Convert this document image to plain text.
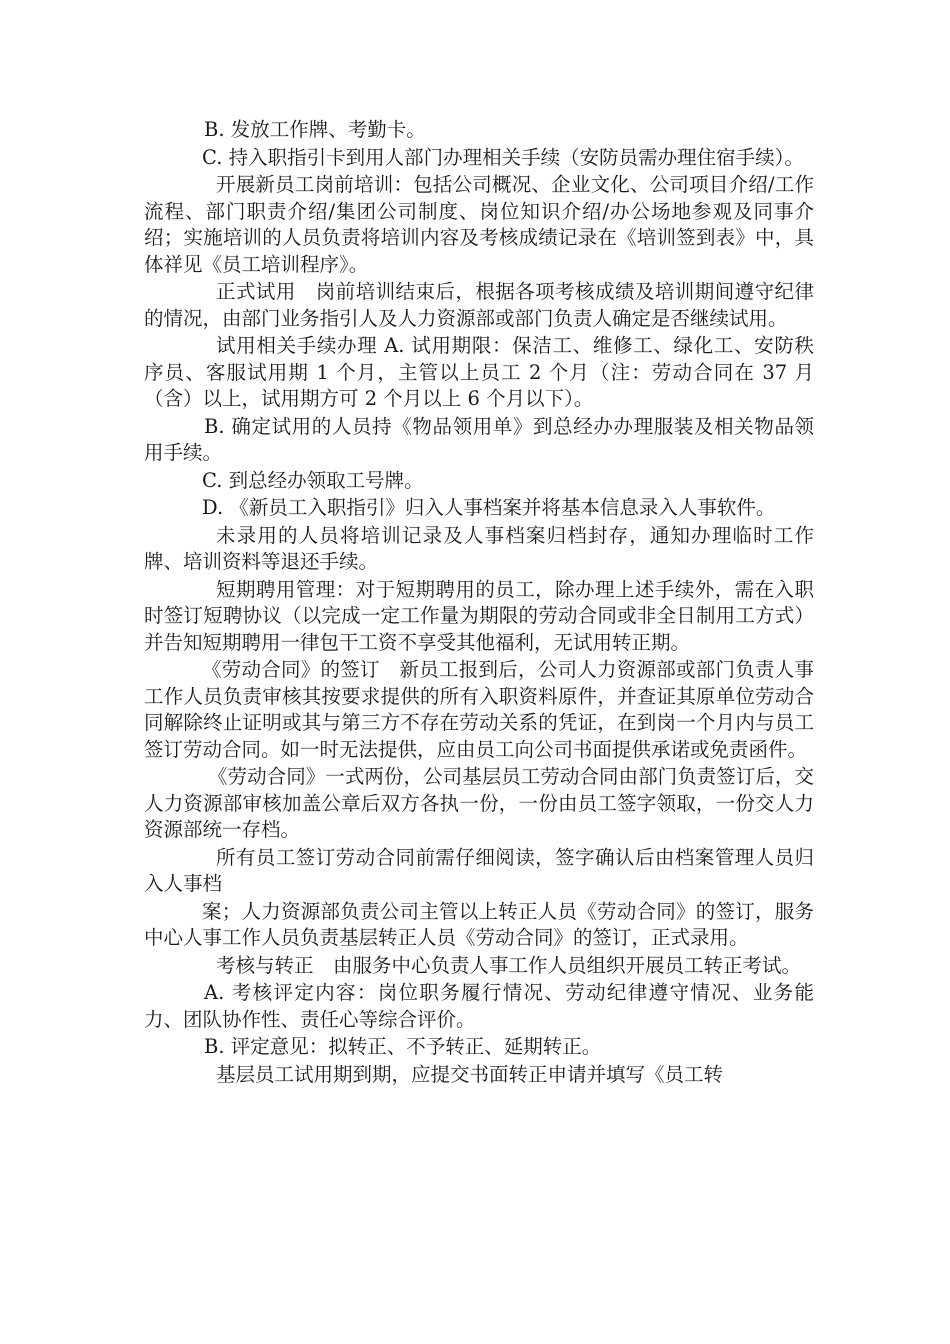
B. 发放工作牌、考勤卡。

C. 持入职指引卡到用人部门办理相关手续（安防员需办理住宿手续）。

开展新员工岗前培训：包括公司概况、企业文化、公司项目介绍/工作流程、部门职责介绍/集团公司制度、岗位知识介绍/办公场地参观及同事介绍；实施培训的人员负责将培训内容及考核成绩记录在《培训签到表》中，具体祥见《员工培训程序》。

正式试用　岗前培训结束后，根据各项考核成绩及培训期间遵守纪律的情况，由部门业务指引人及人力资源部或部门负责人确定是否继续试用。

试用相关手续办理 A. 试用期限：保洁工、维修工、绿化工、安防秩序员、客服试用期 1 个月，主管以上员工 2 个月（注：劳动合同在 37 月（含）以上，试用期方可 2 个月以上 6 个月以下）。

B. 确定试用的人员持《物品领用单》到总经办办理服装及相关物品领用手续。

C. 到总经办领取工号牌。

D. 《新员工入职指引》归入人事档案并将基本信息录入人事软件。

未录用的人员将培训记录及人事档案归档封存，通知办理临时工作牌、培训资料等退还手续。

短期聘用管理：对于短期聘用的员工，除办理上述手续外，需在入职时签订短聘协议（以完成一定工作量为期限的劳动合同或非全日制用工方式）并告知短期聘用一律包干工资不享受其他福利，无试用转正期。

《劳动合同》的签订　新员工报到后，公司人力资源部或部门负责人事工作人员负责审核其按要求提供的所有入职资料原件，并查证其原单位劳动合同解除终止证明或其与第三方不存在劳动关系的凭证，在到岗一个月内与员工签订劳动合同。如一时无法提供，应由员工向公司书面提供承诺或免责函件。

《劳动合同》一式两份，公司基层员工劳动合同由部门负责签订后，交人力资源部审核加盖公章后双方各执一份，一份由员工签字领取，一份交人力资源部统一存档。

所有员工签订劳动合同前需仔细阅读，签字确认后由档案管理人员归入人事档

案；人力资源部负责公司主管以上转正人员《劳动合同》的签订，服务中心人事工作人员负责基层转正人员《劳动合同》的签订，正式录用。

考核与转正　由服务中心负责人事工作人员组织开展员工转正考试。

A. 考核评定内容：岗位职务履行情况、劳动纪律遵守情况、业务能力、团队协作性、责任心等综合评价。

B. 评定意见：拟转正、不予转正、延期转正。

基层员工试用期到期，应提交书面转正申请并填写《员工转
